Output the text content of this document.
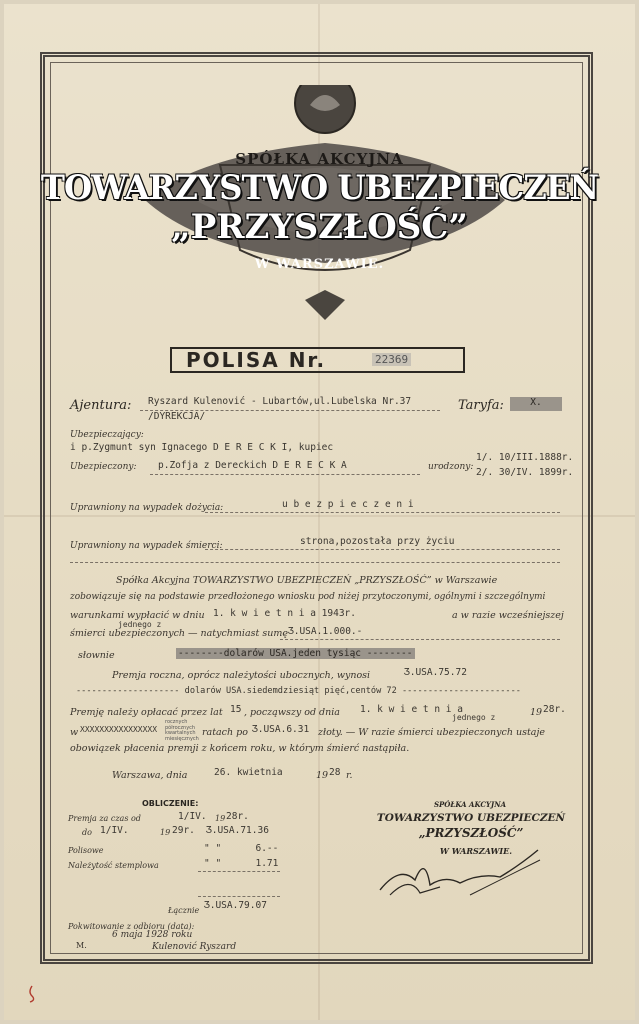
SPÓŁKA AKCYJNA
TOWARZYSTWO UBEZPIECZEŃ
„PRZYSZŁOŚĆ”
W WARSZAWIE.
POLISA Nr.	22369
Ajentura: Ryszard Kulenović - Lubartów,ul.Lubelska Nr.37
/DYREKCJA/
Taryfa:	X.
Ubezpieczający:
i p.Zygmunt syn Ignacego D E R E C K I, kupiec
Ubezpieczony: p.Zofja z Dereckich D E R E C K A	urodzony:
1/. 10/III.1888r.
2/. 30/IV. 1899r.
Uprawniony na wypadek dożycia:	u b e z p i e c z e n i
Uprawniony na wypadek śmierci:	strona,pozostała przy życiu
Spółka Akcyjna TOWARZYSTWO UBEZPIECZEŃ „PRZYSZŁOŚĆ” w Warszawie
zobowiązuje się na podstawie przedłożonego wniosku pod niżej przytoczonymi, ogólnymi i szczególnymi
warunkami wypłacić w dniu 1. k w i e t n i a 1943r.	a w razie wcześniejszej
jednego z
śmierci ubezpieczonych — natychmiast sumę Ʒ.USA.1.000.-
słownie	--------dolarów USA.jeden tysiąc --------
Premja roczna, oprócz należytości ubocznych, wynosi	Ʒ.USA.75.72
-------------------- dolarów USA.siedemdziesiąt pięć,centów 72 -----------------------
Premję należy opłacać przez lat 15 , począwszy od dnia 1. k w i e t n i a	19 28r.
jednego z
w XXXXXXXXXXXXXXXX
rocznych półrocznych kwartalnych miesięcznych
ratach po Ʒ.USA.6.31 złoty. — W razie śmierci ubezpieczonych ustaje
obowiązek płacenia premji z końcem roku, w którym śmierć nastąpiła.
Warszawa, dnia	26. kwietnia	19 28 r.
OBLICZENIE:
Premja za czas od	1/IV. 19 28r.
do 1/IV.	19 29r. Ʒ.USA.71.36
Polisowe	" "      6.--
Należytość stemplowa	" "      1.71
Łącznie Ʒ.USA.79.07
Pokwitowanie z odbioru (data):
6 maja 1928 roku
M.	Kulenović Ryszard
SPÓŁKA AKCYJNA
TOWARZYSTWO UBEZPIECZEŃ
„PRZYSZŁOŚĆ”
W WARSZAWIE.
